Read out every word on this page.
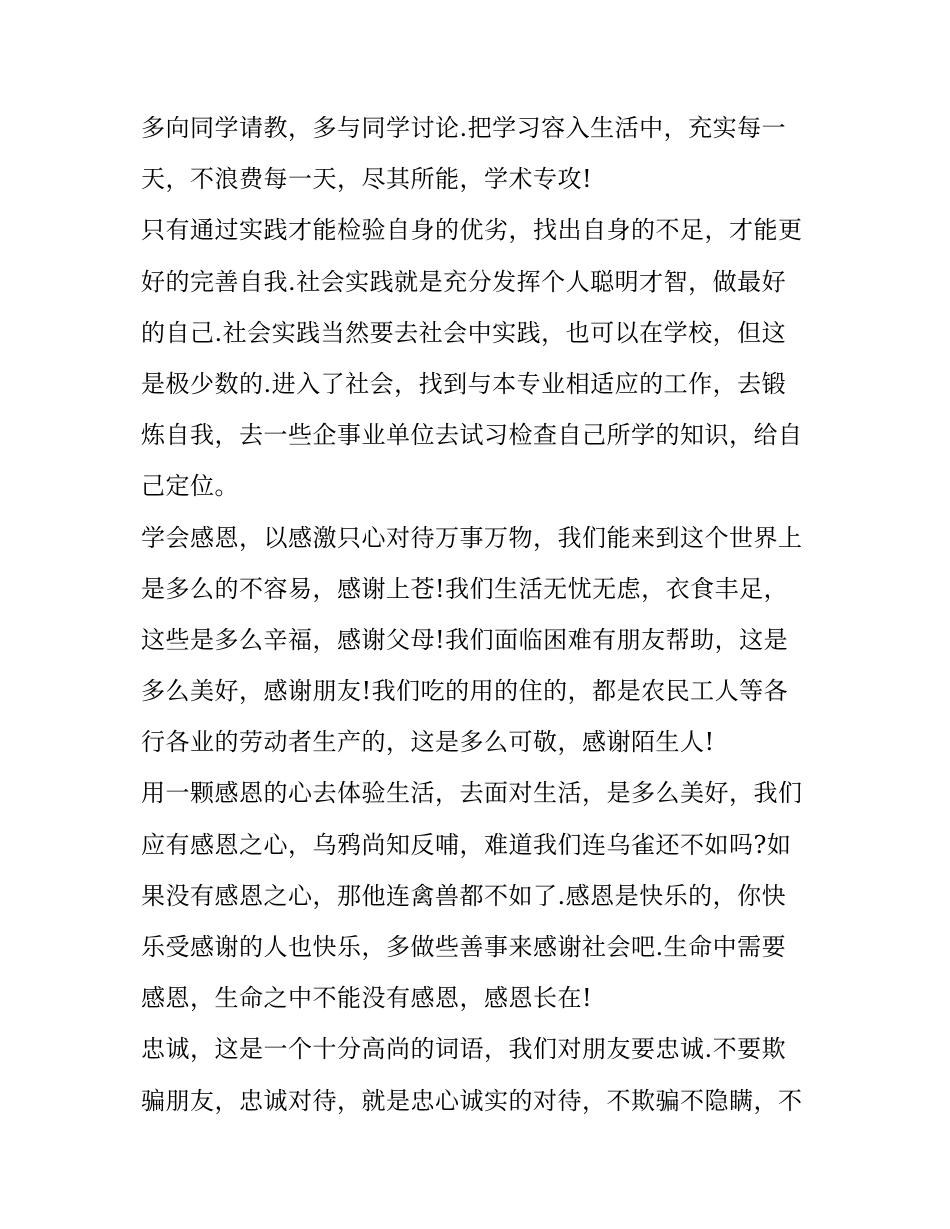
多向同学请教，多与同学讨论.把学习容入生活中，充实每一
天，不浪费每一天，尽其所能，学术专攻!
只有通过实践才能检验自身的优劣，找出自身的不足，才能更
好的完善自我.社会实践就是充分发挥个人聪明才智，做最好
的自己.社会实践当然要去社会中实践，也可以在学校，但这
是极少数的.进入了社会，找到与本专业相适应的工作，去锻
炼自我，去一些企事业单位去试习检查自己所学的知识，给自
己定位。
学会感恩，以感激只心对待万事万物，我们能来到这个世界上
是多么的不容易，感谢上苍!我们生活无忧无虑，衣食丰足，
这些是多么辛福，感谢父母!我们面临困难有朋友帮助，这是
多么美好，感谢朋友!我们吃的用的住的，都是农民工人等各
行各业的劳动者生产的，这是多么可敬，感谢陌生人!
用一颗感恩的心去体验生活，去面对生活，是多么美好，我们
应有感恩之心，乌鸦尚知反哺，难道我们连乌雀还不如吗?如
果没有感恩之心，那他连禽兽都不如了.感恩是快乐的，你快
乐受感谢的人也快乐，多做些善事来感谢社会吧.生命中需要
感恩，生命之中不能没有感恩，感恩长在!
忠诚，这是一个十分高尚的词语，我们对朋友要忠诚.不要欺
骗朋友，忠诚对待，就是忠心诚实的对待，不欺骗不隐瞒，不
